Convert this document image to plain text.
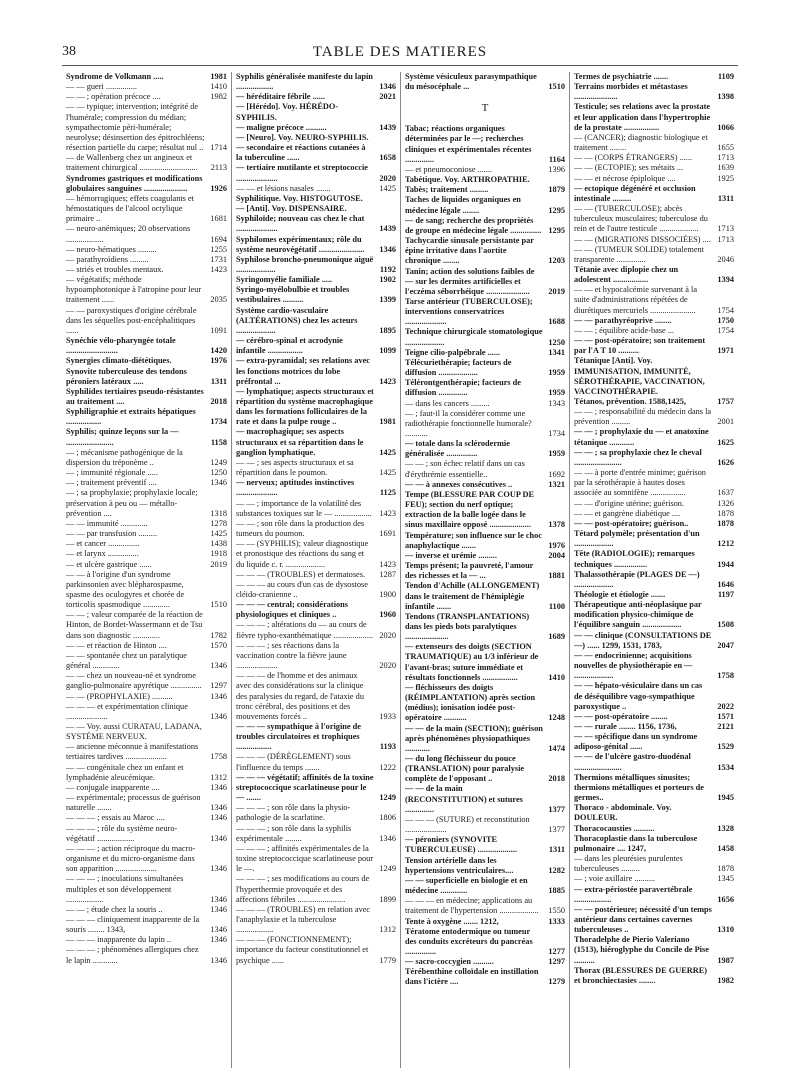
38	TABLE DES MATIERES

Syndrome de Volkmann .....	1981

— — gueri ...............	1410

— — ; opération précoce ....	1982

— — typique; intervention; intégrité de l'humérale; compression du médian; sympathectomie péri-humérale; neurolyse; désinsertion des épitrochléens; résection partielle du carpe; résultat nul .. 1714

— de Wallenberg chez un angineux et traitement chirurgical ............................ 2113

Syndromes gastriques et modifications globulaires sanguines .....................	1926

— hémorragiques; effets coagulants et hémostatiques de l'alcool octylique primaire ..	1681

— neuro-anémiques; 20 observations ..................	1694

— neuro-hématiques .........	1255

— parathyroïdiens .........	1731

— striés et troubles mentaux.	1423

— végétatifs; méthode hypoamphotonique à l'atropine pour leur traitement ......	2035

— — paroxystiques d'origine cérébrale dans les séquelles post-encéphalitiques ......	1091

Synéchie vélo-pharyngée totale .........................	1420

Synergies climato-diététiques.	1976

Synovite tuberculeuse des tendons péroniers latéraux .....	1311

Syphilides tertiaires pseudo-résistantes au traitement ....	2018

Syphiligraphie et extraits hépatiques .................	1734

Syphilis; quinze leçons sur la — .......................	1158

— ; mécanisme pathogénique de la dispersion du tréponème ..	1249

— ; immunité régionale .....	1250

— ; traitement préventif ....	1346

— ; sa prophylaxie; prophylaxie locale; préservation à peu ou — métallo-prévention ....	1318

— — immunité .............	1278

— — par transfusion .........	1425

— et cancer ...............	1438

— et larynx ...............	1918

— et ulcère gastrique ......	2019

— — à l'origine d'un syndrome parkinsonien avec blépharospasme, spasme des oculogyres et chorée de torticolis spasmodique .............	1510

— — ; valeur comparée de la réaction de Hinton, de Bordet-Wassermann et de Tsu dans son diagnostic .............	1782

— — et réaction de Hinton ....	1570

— — spontanée chez un paralytique général .............	1346

— — chez un nouveau-né et syndrome ganglio-pulmonaire apyrétique ............... 1297

— — (PROPHYLAXIE) ..........	1346

— — — et expérimentation clinique ....................	1346

— — Voy. aussi CURATAU, LADANA, SYSTÈME NERVEUX.

— ancienne méconnue à manifestations tertiaires tardives ....................	1758

— — congénitale chez un enfant et lymphadénie aleucémique.	1312

— conjugale inapparente ....	1346

— expérimentale; processus de guérison naturelle .......	1346

— — — ; essais au Maroc ....	1346

— — — ; rôle du système neuro-végétatif ..................	1346

— — — ; action réciproque du macro-organisme et du micro-organisme dans son apparition ....................	1346

— — — ; inoculations simultanées multiples et son développement ..................	1346

— — ; étude chez la souris ..	1346

— — — cliniquement inapparente de la souris ........ 1343,	1346

— — — inapparente du lapin ..	1346

— — — ; phénomènes allergiques chez le lapin ............	1346

Syphilis généralisée manifeste du lapin ..................	1346

— héréditaire fébrile ......	2021

— [Hérédo]. Voy. HÉRÉDO-SYPHILIS.

— maligne précoce ..........	1439

— [Neuro]. Voy. NEURO-SYPHILIS.

— secondaire et réactions cutanées à la tuberculine ......	1658

— tertiaire mutilante et streptococcie ....................	2020

— — et lésions nasales .......	1425

Syphilitique. Voy. HISTOGUTOSE.

— [Anti]. Voy. DISPENSAIRE.

Syphiloïde; nouveau cas chez le chat ....................	1439

Syphilomes expérimentaux; rôle du système neurovégétatif ...................... 1346

Syphilose broncho-pneumonique aiguë ...................	1192

Syringomyélie familiale .....	1902

Syringo-myélobulbie et troubles vestibulaires ..........	1399

Système cardio-vasculaire (ALTÉRATIONS) chez les acteurs ...................	1895

— cérébro-spinal et acrodynie infantile .................	1099

— extra-pyramidal; ses relations avec les fonctions motrices du lobe préfrontal ...	1423

— lymphatique; aspects structuraux et répartition du système macrophagique dans les formations folliculaires de la rate et dans la pulpe rouge ..	1981

— macrophagique; ses aspects structuraux et sa répartition dans le ganglion lymphatique.	1425

— — ; ses aspects structuraux et sa répartition dans le poumon.	1425

— nerveux; aptitudes instinctives ....................	1125

— — ; importance de la volatilité des substances toxiques sur le — .................. 1423

— — ; son rôle dans la production des tumeurs du poumon.	1691

— — (SYPHILIS); valeur diagnostique et pronostique des réactions du sang et du liquide c. r. ...................	1423

— — — (TROUBLES) et dermatoses. 1287

— — — au cours d'un cas de dysostose cléido-cranienne ..	1900

— — — central; considérations physiologiques et cliniques ..	1960

— — — ; altérations du — au cours de fièvre typho-exanthématique ................... 2020

— — — ; ses réactions dans la vaccination contre la fièvre jaune ....................	2020

— — — de l'homme et des animaux avec des considérations sur la clinique des paralysies du regard, de l'ataxie du tronc cérébral, des positions et des mouvements forcés ..	1933

— — — sympathique à l'origine de troubles circulatoires et trophiques .................	1193

— — — (DÉRÈGLEMENT) sous l'influence du temps .......	1222

— — — végétatif; affinités de la toxine streptococcique scarlatineuse pour le — .......	1249

— — — ; son rôle dans la physio-pathologie de la scarlatine.	1806

— — — ; son rôle dans la syphilis expérimentale ........	1346

— — — ; affinités expérimentales de la toxine streptococcique scarlatineuse pour le —.	1249

— — — ; ses modifications au cours de l'hyperthermie provoquée et des affections fébriles .......................	1899

— — — (TROUBLES) en relation avec l'anaphylaxie et la tuberculose ..................	1312

— — — (FONCTIONNEMENT); importance du facteur constitutionnel et psychique ......	1779

Système vésiculeux parasympathique du mésocéphale ...	1510

T

Tabac; réactions organiques déterminées par le —; recherches cliniques et expérimentales récentes ..............	1164

— et pneumoconiose .......	1396

Tabétique. Voy. ARTHROPATHIE.

Tabès; traitement .........	1879

Taches de liquides organiques en médecine légale ........	1295

— de sang; recherche des propriétés de groupe en médecine légale ............... 1295

Tachycardie sinusale persistante par épine irritative dans l'aortite chronique ........	1203

Tanin; action des solutions faibles de — sur les dermites artificielles et l'eczéma séborrhéique ..................... 2019

Tarse antérieur (TUBERCULOSE); interventions conservatrices ....................	1688

Technique chirurgicale stomatologique ...................	1250

Teigne cilio-palpébrale ......	1341

Télécuriethérapie; facteurs de diffusion ...................	1959

Télérontgenthérapie; facteurs de diffusion ..............	1959

— dans les cancers .........	1343

— ; faut-il la considérer comme une radiothérapie fonctionnelle humorale? ...........	1734

— totale dans la sclérodermie généralisée ...............	1959

— — ; son échec relatif dans un cas d'érythrémie essentielle..	1692

— — à annexes consécutives ..	1321

Tempe (BLESSURE PAR COUP DE FEU); section du nerf optique; extraction de la balle logée dans le sinus maxillaire opposé .................... 1378

Température; son influence sur le choc anaphylactique .......	1976

— inverse et urémie .........	2004

Temps présent; la pauvreté, l'amour des richesses et la — ...	1881

Tendon d'Achille (ALLONGEMENT) dans le traitement de l'hémiplégie infantile .......	1100

Tendons (TRANSPLANTATIONS) dans les pieds bots paralytiques .....................	1689

— extenseurs des doigts (SECTION TRAUMATIQUE) au 1/3 inférieur de l'avant-bras; suture immédiate et résultats fonctionnels .................	1410

— fléchisseurs des doigts (RÉIMPLANTATION) après section (médius); ionisation iodée post-opératoire ...........	1248

— — de la main (SECTION); guérison après phénomènes physiopathiques ............	1474

— du long fléchisseur du pouce (TRANSLATION) pour paralysie complète de l'opposant ..	2018

— — de la main (RECONSTITUTION) et sutures ..............	1377

— — — (SUTURE) et reconstitution ....................	1377

— péroniers (SYNOVITE TUBERCULEUSE) ...................	1311

Tension artérielle dans les hypertensions ventriculaires....	1282

— — superficielle en biologie et en médecine .............	1885

— — — en médecine; applications au traitement de l'hypertension ................... 1550

Tente à oxygène ....... 1212,	1333

Tératome entodermique ou tumeur des conduits excréteurs du pancréas ...............	1277

— sacro-coccygien ..........	1297

Térébenthine colloïdale en instillation dans l'ictère ....	1279

Termes de psychiatrie .......	1109

Terrains morbides et métastases .....................	1398

Testicule; ses relations avec la prostate et leur application dans l'hypertrophie de la prostate .................	1066

— (CANCER); diagnostic biologique et traitement ........	1655

— — (CORPS ÉTRANGERS) ......	1713

— — (ECTOPIE); ses métaits ...	1639

— — et nécrose épiploïque ....	1925

— ectopique dégénéré et occlusion intestinale .........	1311

— — (TUBERCULOSE); abcès tuberculeux musculaires; tuberculose du rein et de l'autre testicule ................... 1713

— — (MIGRATIONS DISSOCIÉES) .... 1713

— — (TUMEUR SOLIDE) totalement transparente ..............	2046

Tétanie avec diplopie chez un adolescent .................	1394

— — et hypocalcémie survenant à la suite d'administrations répétées de diurétiques mercuriels ......................	1754

— — parathyréoprive ........	1750

— — ; équilibre acide-base ...	1754

— — post-opératoire; son traitement par l'A T 10 ..........	1971

Tétanique [Anti]. Voy. IMMUNISATION, IMMUNITÉ, SÉROTHÉRAPIE, VACCINATION, VACCINOTHÉRAPIE.

Tétanos, prévention. 1588,1425,	1757

— — ; responsabilité du médecin dans la prévention .........	2001

— — ; prophylaxie du — et anatoxine tétanique ............	1625

— — ; sa prophylaxie chez le cheval .......................	1626

— — à porte d'entrée minime; guérison par la sérothérapie à hautes doses associée au somnifène .................	1637

— — d'origine utérine; guérison.	1326

— — et gangrène diabétique ....	1878

— — post-opératoire; guérison..	1878

Tétard polymèle; présentation d'un ...................	1212

Tête (RADIOLOGIE); remarques techniques ................	1944

Thalassothérapie (PLAGES DE —) ...................	1646

Théologie et étiologie .......	1197

Thérapeutique anti-néoplasique par modification physico-chimique de l'équilibre sanguin ...................	1508

— — clinique (CONSULTATIONS DE —) ...... 1299, 1531, 1783,	2047

— — endocrinienne; acquisitions nouvelles de physiothérapie en — ...................	1758

— — hépato-vésiculaire dans un cas de déséquilibre vago-sympathique paroxystique ..	2022

— — post-opératoire ........	1571

— — rurale ........ 1156, 1736,	2121

— — spécifique dans un syndrome adiposo-génital ......	1529

— — de l'ulcère gastro-duodénal .......................	1534

Thermions métalliques sinusites; thermions métalliques et porteurs de germes..	1945

Thoraco - abdominale. Voy. DOULEUR.

Thoracocausties ..........	1328

Thoracoplastie dans la tuberculose pulmonaire .... 1247,	1458

— dans les pleurésies purulentes tuberculeuses .........	1878

— ; voie axillaire ..........	1345

— extra-périostée paravertébrale ..................	1656

— — postérieure; nécessité d'un temps antérieur dans certaines cavernes tuberculeuses ..	1310

Thoradelphe de Pierio Valeriano (1513), hiéroglyphe du Concile de Pise ..........	1987

Thorax (BLESSURES DE GUERRE) et bronchiectasies ........	1982
